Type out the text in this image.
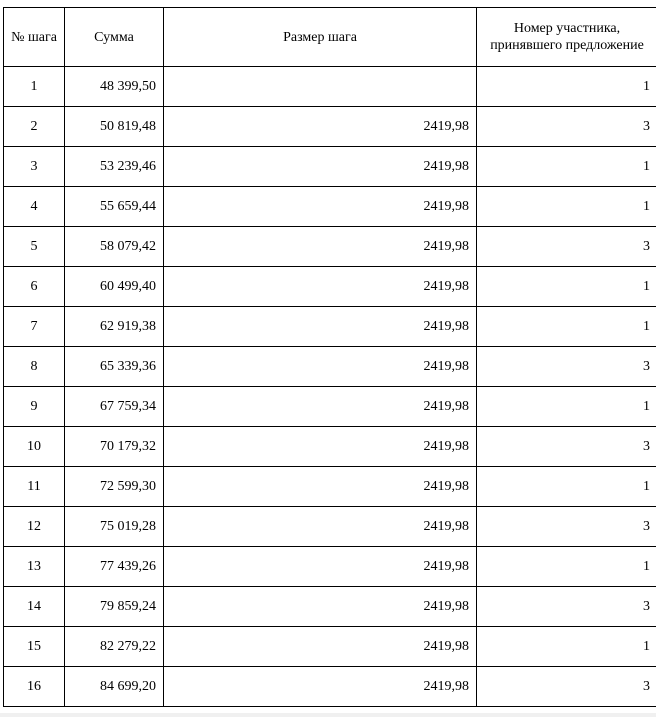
№ шага	Сумма	Размер шага	Номер участника, принявшего предложение
1	48 399,50		1
2	50 819,48	2419,98	3
3	53 239,46	2419,98	1
4	55 659,44	2419,98	1
5	58 079,42	2419,98	3
6	60 499,40	2419,98	1
7	62 919,38	2419,98	1
8	65 339,36	2419,98	3
9	67 759,34	2419,98	1
10	70 179,32	2419,98	3
11	72 599,30	2419,98	1
12	75 019,28	2419,98	3
13	77 439,26	2419,98	1
14	79 859,24	2419,98	3
15	82 279,22	2419,98	1
16	84 699,20	2419,98	3
